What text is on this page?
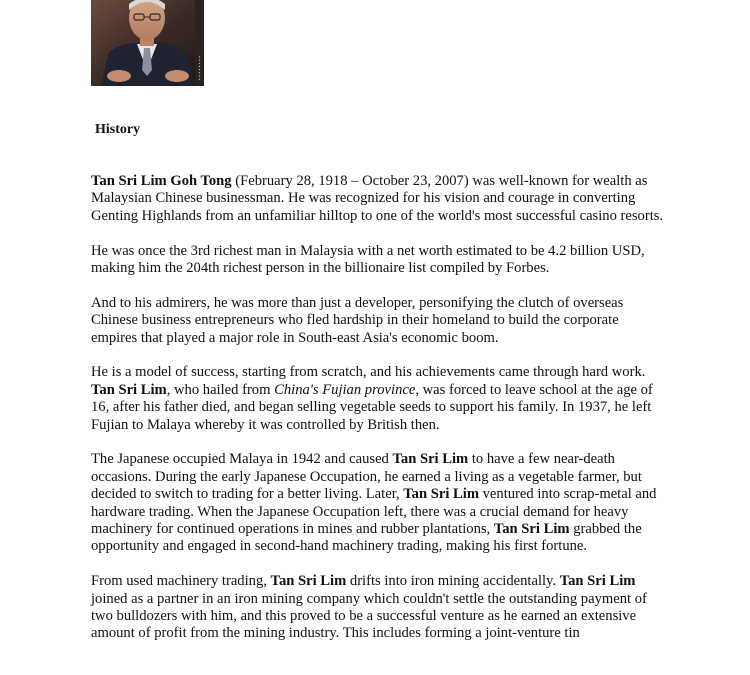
▪ ▪ ▪ ▪ ▪ ▪ ▪ ▪
History

Tan Sri Lim Goh Tong (February 28, 1918 – October 23, 2007) was well-known for wealth as Malaysian Chinese businessman. He was recognized for his vision and courage in converting Genting Highlands from an unfamiliar hilltop to one of the world's most successful casino resorts.

He was once the 3rd richest man in Malaysia with a net worth estimated to be 4.2 billion USD, making him the 204th richest person in the billionaire list compiled by Forbes.

And to his admirers, he was more than just a developer, personifying the clutch of overseas Chinese business entrepreneurs who fled hardship in their homeland to build the corporate empires that played a major role in South-east Asia's economic boom.

He is a model of success, starting from scratch, and his achievements came through hard work. Tan Sri Lim, who hailed from China's Fujian province, was forced to leave school at the age of 16, after his father died, and began selling vegetable seeds to support his family. In 1937, he left Fujian to Malaya whereby it was controlled by British then.

The Japanese occupied Malaya in 1942 and caused Tan Sri Lim to have a few near-death occasions. During the early Japanese Occupation, he earned a living as a vegetable farmer, but decided to switch to trading for a better living. Later, Tan Sri Lim ventured into scrap-metal and hardware trading. When the Japanese Occupation left, there was a crucial demand for heavy machinery for continued operations in mines and rubber plantations, Tan Sri Lim grabbed the opportunity and engaged in second-hand machinery trading, making his first fortune.

From used machinery trading, Tan Sri Lim drifts into iron mining accidentally. Tan Sri Lim joined as a partner in an iron mining company which couldn't settle the outstanding payment of two bulldozers with him, and this proved to be a successful venture as he earned an extensive amount of profit from the mining industry. This includes forming a joint-venture tin
